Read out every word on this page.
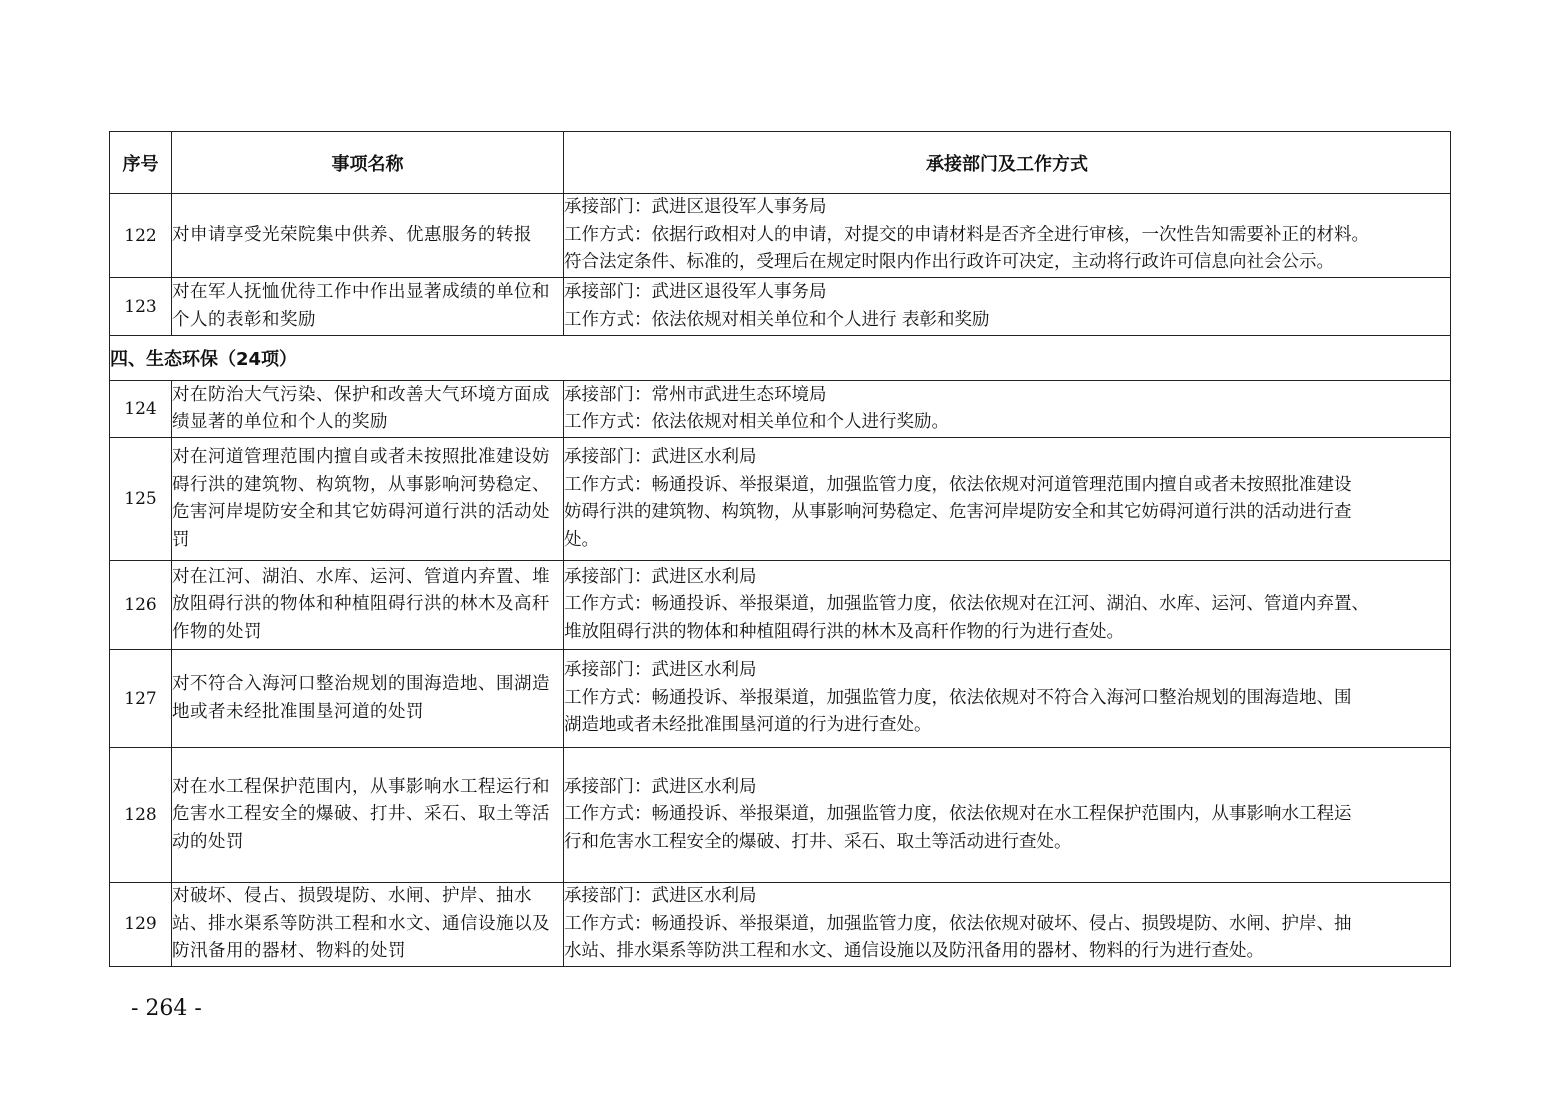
序号	事项名称	承接部门及工作方式
122	对申请享受光荣院集中供养、优惠服务的转报	承接部门：武进区退役军人事务局
工作方式：依据行政相对人的申请，对提交的申请材料是否齐全进行审核，一次性告知需要补正的材料。
符合法定条件、标准的，受理后在规定时限内作出行政许可决定，主动将行政许可信息向社会公示。

123	对在军人抚恤优待工作中作出显著成绩的单位和个人的表彰和奖励	承接部门：武进区退役军人事务局
工作方式：依法依规对相关单位和个人进行 表彰和奖励

四、生态环保（24项）		
124	对在防治大气污染、保护和改善大气环境方面成绩显著的单位和个人的奖励	承接部门：常州市武进生态环境局
工作方式：依法依规对相关单位和个人进行奖励。

125	对在河道管理范围内擅自或者未按照批准建设妨碍行洪的建筑物、构筑物，从事影响河势稳定、危害河岸堤防安全和其它妨碍河道行洪的活动处罚	承接部门：武进区水利局
工作方式：畅通投诉、举报渠道，加强监管力度，依法依规对河道管理范围内擅自或者未按照批准建设
妨碍行洪的建筑物、构筑物，从事影响河势稳定、危害河岸堤防安全和其它妨碍河道行洪的活动进行查
处。

126	对在江河、湖泊、水库、运河、管道内弃置、堆放阻碍行洪的物体和种植阻碍行洪的林木及高秆作物的处罚	承接部门：武进区水利局
工作方式：畅通投诉、举报渠道，加强监管力度，依法依规对在江河、湖泊、水库、运河、管道内弃置、
堆放阻碍行洪的物体和种植阻碍行洪的林木及高秆作物的行为进行查处。

127	对不符合入海河口整治规划的围海造地、围湖造地或者未经批准围垦河道的处罚	承接部门：武进区水利局
工作方式：畅通投诉、举报渠道，加强监管力度，依法依规对不符合入海河口整治规划的围海造地、围
湖造地或者未经批准围垦河道的行为进行查处。

128	对在水工程保护范围内，从事影响水工程运行和危害水工程安全的爆破、打井、采石、取土等活动的处罚	承接部门：武进区水利局
工作方式：畅通投诉、举报渠道，加强监管力度，依法依规对在水工程保护范围内，从事影响水工程运
行和危害水工程安全的爆破、打井、采石、取土等活动进行查处。

129	对破坏、侵占、损毁堤防、水闸、护岸、抽水站、排水渠系等防洪工程和水文、通信设施以及防汛备用的器材、物料的处罚	承接部门：武进区水利局
工作方式：畅通投诉、举报渠道，加强监管力度，依法依规对破坏、侵占、损毁堤防、水闸、护岸、抽
水站、排水渠系等防洪工程和水文、通信设施以及防汛备用的器材、物料的行为进行查处。
- 264 -
